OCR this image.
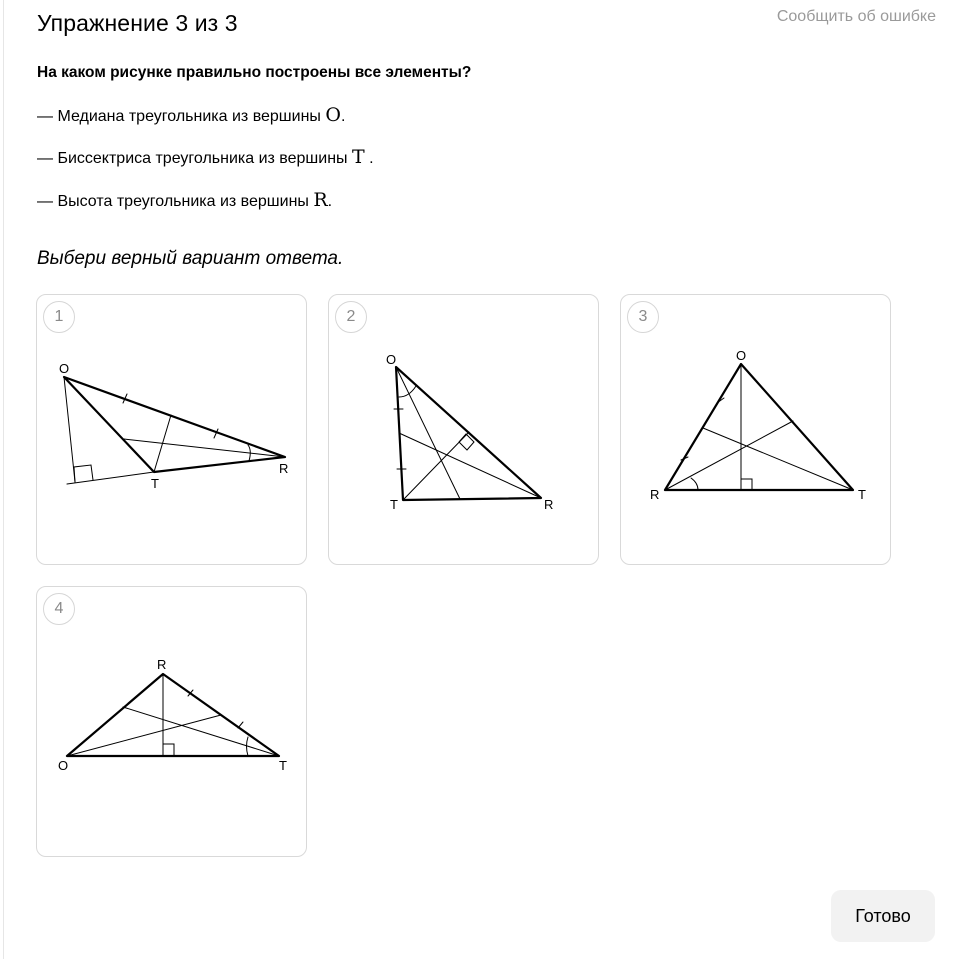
Упражнение 3 из 3	Сообщить об ошибке
На каком рисунке правильно построены все элементы?
— Медиана треугольника из вершины O.
— Биссектриса треугольника из вершины T .
— Высота треугольника из вершины R.
Выбери верный вариант ответа.
1
O
T
R
2
O
T	R
3
O
R	T
4
R
O	T
Готово
